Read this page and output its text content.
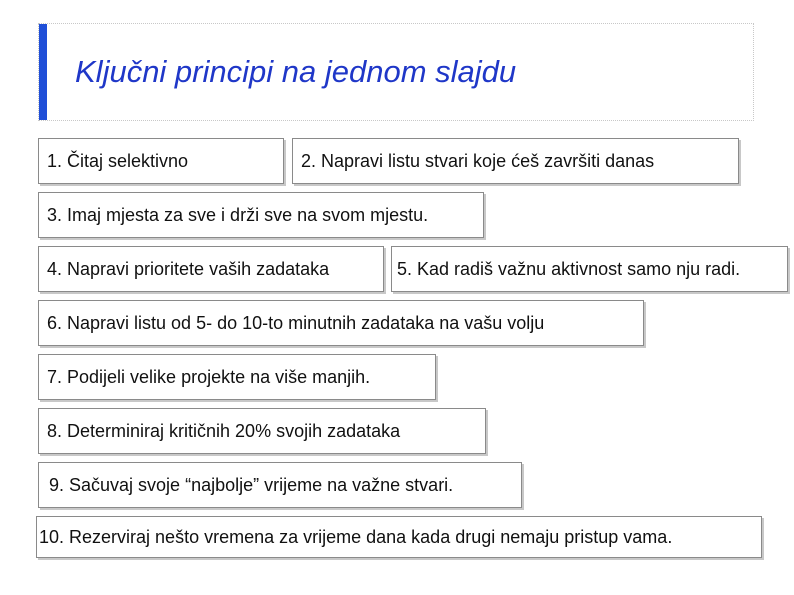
Ključni principi na jednom slajdu
1. Čitaj selektivno	2. Napravi listu stvari koje ćeš završiti danas
3. Imaj mjesta za sve i drži sve na svom mjestu.
4. Napravi prioritete vaših zadataka	5. Kad radiš važnu aktivnost samo nju radi.
6. Napravi listu od 5- do 10-to minutnih zadataka na vašu volju
7. Podijeli velike projekte na više manjih.
8. Determiniraj kritičnih 20% svojih zadataka
9. Sačuvaj svoje “najbolje” vrijeme na važne stvari.
10. Rezerviraj nešto vremena za vrijeme dana kada drugi nemaju pristup vama.
